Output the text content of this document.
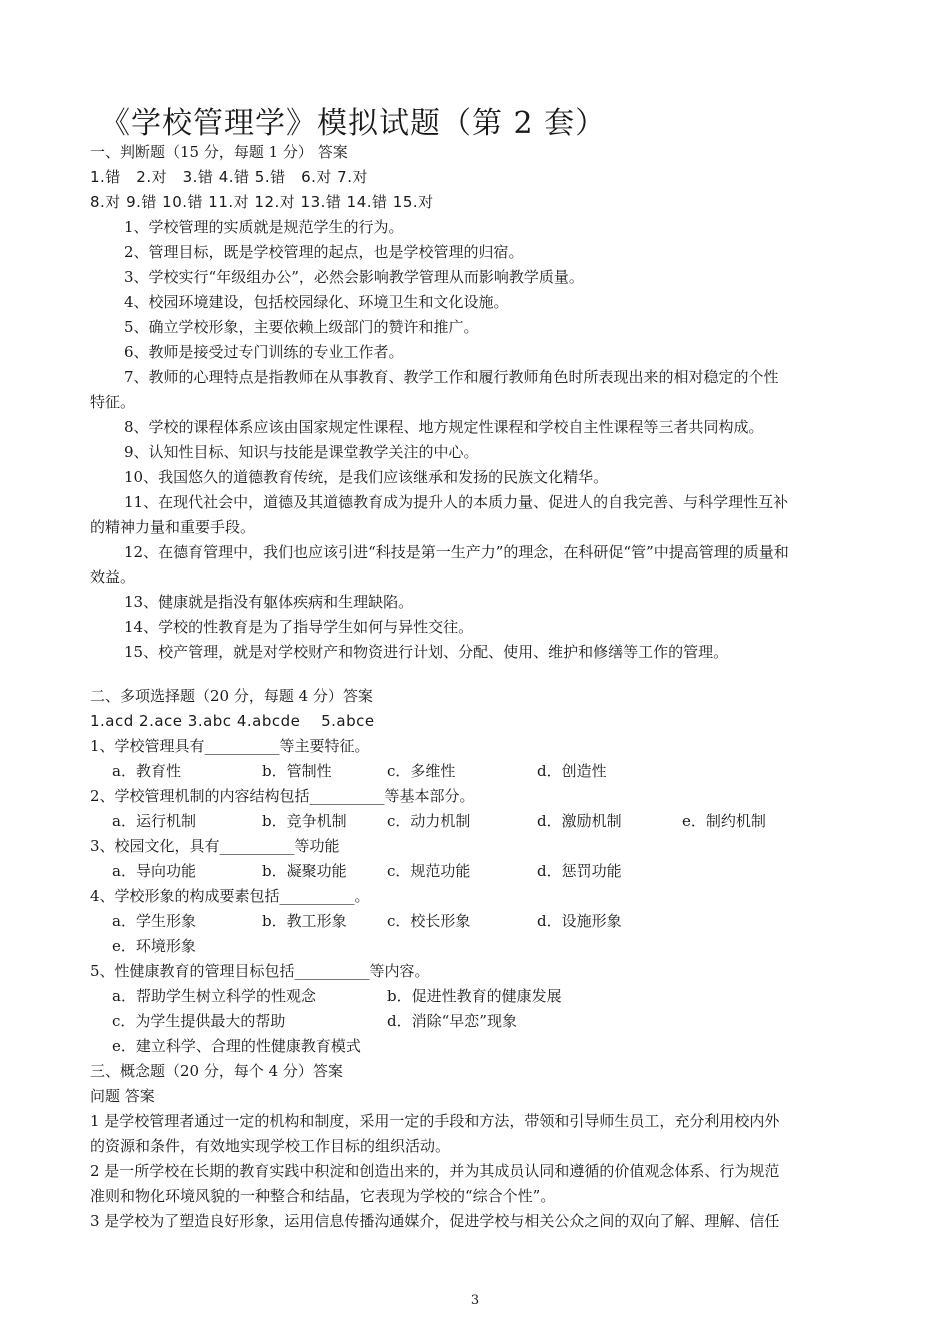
《学校管理学》模拟试题（第 2 套）
一、判断题（15 分，每题 1 分） 答案
1.错　2.对　3.错 4.错 5.错　6.对 7.对
8.对 9.错 10.错 11.对 12.对 13.错 14.错 15.对
1、学校管理的实质就是规范学生的行为。
2、管理目标，既是学校管理的起点，也是学校管理的归宿。
3、学校实行“年级组办公”，必然会影响教学管理从而影响教学质量。
4、校园环境建设，包括校园绿化、环境卫生和文化设施。
5、确立学校形象，主要依赖上级部门的赞许和推广。
6、教师是接受过专门训练的专业工作者。
7、教师的心理特点是指教师在从事教育、教学工作和履行教师角色时所表现出来的相对稳定的个性
特征。
8、学校的课程体系应该由国家规定性课程、地方规定性课程和学校自主性课程等三者共同构成。
9、认知性目标、知识与技能是课堂教学关注的中心。
10、我国悠久的道德教育传统，是我们应该继承和发扬的民族文化精华。
11、在现代社会中，道德及其道德教育成为提升人的本质力量、促进人的自我完善、与科学理性互补
的精神力量和重要手段。
12、在德育管理中，我们也应该引进“科技是第一生产力”的理念，在科研促“管”中提高管理的质量和
效益。
13、健康就是指没有躯体疾病和生理缺陷。
14、学校的性教育是为了指导学生如何与异性交往。
15、校产管理，就是对学校财产和物资进行计划、分配、使用、维护和修缮等工作的管理。
二、多项选择题（20 分，每题 4 分）答案
1.acd 2.ace 3.abc 4.abcde　 5.abce
1、学校管理具有__________等主要特征。
a．教育性	b．管制性	c．多维性	d．创造性
2、学校管理机制的内容结构包括__________等基本部分。
a．运行机制	b．竞争机制	c．动力机制	d．激励机制	e．制约机制
3、校园文化，具有__________等功能
a．导向功能	b．凝聚功能	c．规范功能	d．惩罚功能
4、学校形象的构成要素包括__________。
a．学生形象	b．教工形象	c．校长形象	d．设施形象
e．环境形象
5、性健康教育的管理目标包括__________等内容。
a．帮助学生树立科学的性观念	b．促进性教育的健康发展
c．为学生提供最大的帮助	d．消除“早恋”现象
e．建立科学、合理的性健康教育模式
三、概念题（20 分，每个 4 分）答案
问题 答案
1 是学校管理者通过一定的机构和制度，采用一定的手段和方法，带领和引导师生员工，充分利用校内外
的资源和条件，有效地实现学校工作目标的组织活动。
2 是一所学校在长期的教育实践中积淀和创造出来的，并为其成员认同和遵循的价值观念体系、行为规范
准则和物化环境风貌的一种整合和结晶，它表现为学校的“综合个性”。
3 是学校为了塑造良好形象，运用信息传播沟通媒介，促进学校与相关公众之间的双向了解、理解、信任
3
